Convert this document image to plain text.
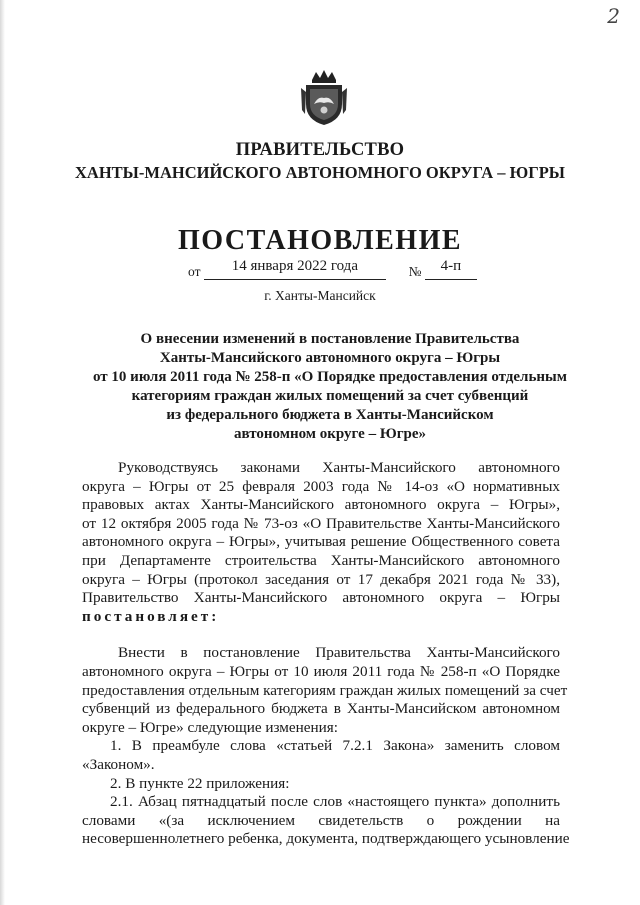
2
ПРАВИТЕЛЬСТВО
ХАНТЫ-МАНСИЙСКОГО АВТОНОМНОГО ОКРУГА – ЮГРЫ
ПОСТАНОВЛЕНИЕ
от 14 января 2022 года	№ 4-п
г. Ханты-Мансийск
О внесении изменений в постановление Правительства
Ханты-Мансийского автономного округа – Югры
от 10 июля 2011 года № 258-п «О Порядке предоставления отдельным
категориям граждан жилых помещений за счет субвенций
из федерального бюджета в Ханты-Мансийском
автономном округе – Югре»
Руководствуясь законами Ханты-Мансийского автономного
округа – Югры от 25 февраля 2003 года № 14-оз «О нормативных
правовых актах Ханты-Мансийского автономного округа – Югры»,
от 12 октября 2005 года № 73-оз «О Правительстве Ханты-Мансийского
автономного округа – Югры», учитывая решение Общественного совета
при Департаменте строительства Ханты-Мансийского автономного
округа – Югры (протокол заседания от 17 декабря 2021 года № 33),
Правительство Ханты-Мансийского автономного округа – Югры
постановляет:
Внести в постановление Правительства Ханты-Мансийского
автономного округа – Югры от 10 июля 2011 года № 258-п «О Порядке
предоставления отдельным категориям граждан жилых помещений за счет
субвенций из федерального бюджета в Ханты-Мансийском автономном
округе – Югре» следующие изменения:
1. В преамбуле слова «статьей 7.2.1 Закона» заменить словом
«Законом».
2. В пункте 22 приложения:
2.1. Абзац пятнадцатый после слов «настоящего пункта» дополнить
словами «(за исключением свидетельств о рождении на
несовершеннолетнего ребенка, документа, подтверждающего усыновление
